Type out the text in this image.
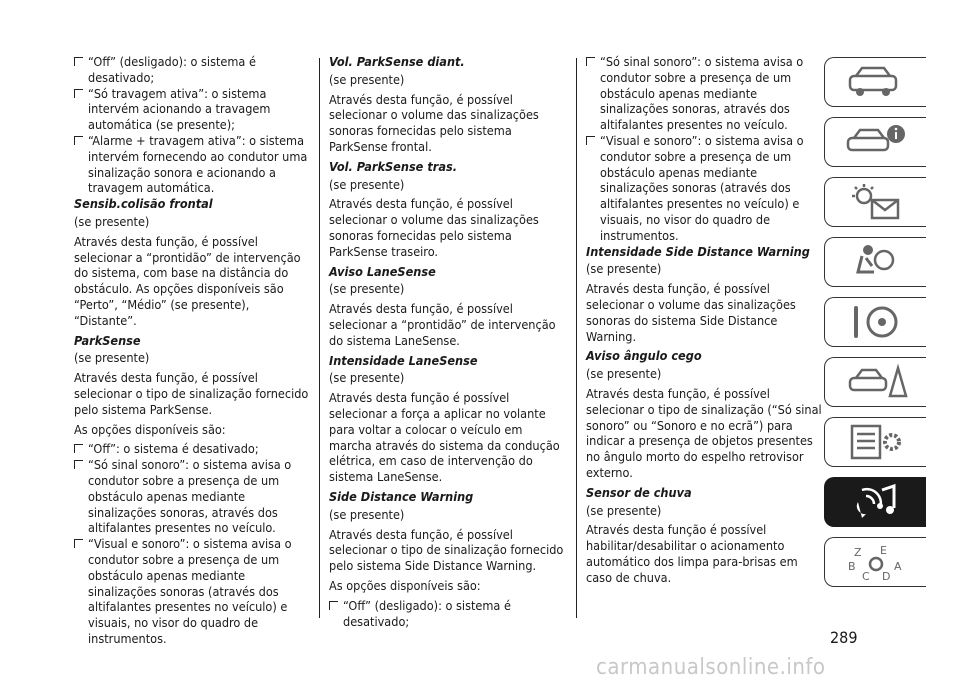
“Off” (desligado): o sistema é desativado;
“Só travagem ativa”: o sistema intervém acionando a travagem automática (se presente);
“Alarme + travagem ativa”: o sistema intervém fornecendo ao condutor uma sinalização sonora e acionando a travagem automática.
Sensib.colisão frontal
(se presente)
Através desta função, é possível selecionar a “prontidão” de intervenção do sistema, com base na distância do obstáculo. As opções disponíveis são “Perto”, “Médio” (se presente), “Distante”.
ParkSense
(se presente)
Através desta função, é possível selecionar o tipo de sinalização fornecido pelo sistema ParkSense.
As opções disponíveis são:
“Off”: o sistema é desativado;
“Só sinal sonoro”: o sistema avisa o condutor sobre a presença de um obstáculo apenas mediante sinalizações sonoras, através dos altifalantes presentes no veículo.
“Visual e sonoro”: o sistema avisa o condutor sobre a presença de um obstáculo apenas mediante sinalizações sonoras (através dos altifalantes presentes no veículo) e visuais, no visor do quadro de instrumentos.
Vol. ParkSense diant.
(se presente)
Através desta função, é possível selecionar o volume das sinalizações sonoras fornecidas pelo sistema ParkSense frontal.
Vol. ParkSense tras.
(se presente)
Através desta função, é possível selecionar o volume das sinalizações sonoras fornecidas pelo sistema ParkSense traseiro.
Aviso LaneSense
(se presente)
Através desta função, é possível selecionar a “prontidão” de intervenção do sistema LaneSense.
Intensidade LaneSense
(se presente)
Através desta função é possível selecionar a força a aplicar no volante para voltar a colocar o veículo em marcha através do sistema da condução elétrica, em caso de intervenção do sistema LaneSense.
Side Distance Warning
(se presente)
Através desta função, é possível selecionar o tipo de sinalização fornecido pelo sistema Side Distance Warning.
As opções disponíveis são:
“Off” (desligado): o sistema é desativado;
“Só sinal sonoro”: o sistema avisa o condutor sobre a presença de um obstáculo apenas mediante sinalizações sonoras, através dos altifalantes presentes no veículo.
“Visual e sonoro”: o sistema avisa o condutor sobre a presença de um obstáculo apenas mediante sinalizações sonoras (através dos altifalantes presentes no veículo) e visuais, no visor do quadro de instrumentos.
Intensidade Side Distance Warning
(se presente)
Através desta função, é possível selecionar o volume das sinalizações sonoras do sistema Side Distance Warning.
Aviso ângulo cego
(se presente)
Através desta função, é possível selecionar o tipo de sinalização (“Só sinal sonoro” ou “Sonoro e no ecrã”) para indicar a presença de objetos presentes no ângulo morto do espelho retrovisor externo.
Sensor de chuva
(se presente)
Através desta função é possível habilitar/desabilitar o acionamento automático dos limpa para-brisas em caso de chuva.
Z E
B	A
C D
289
carmanualsonline.info
